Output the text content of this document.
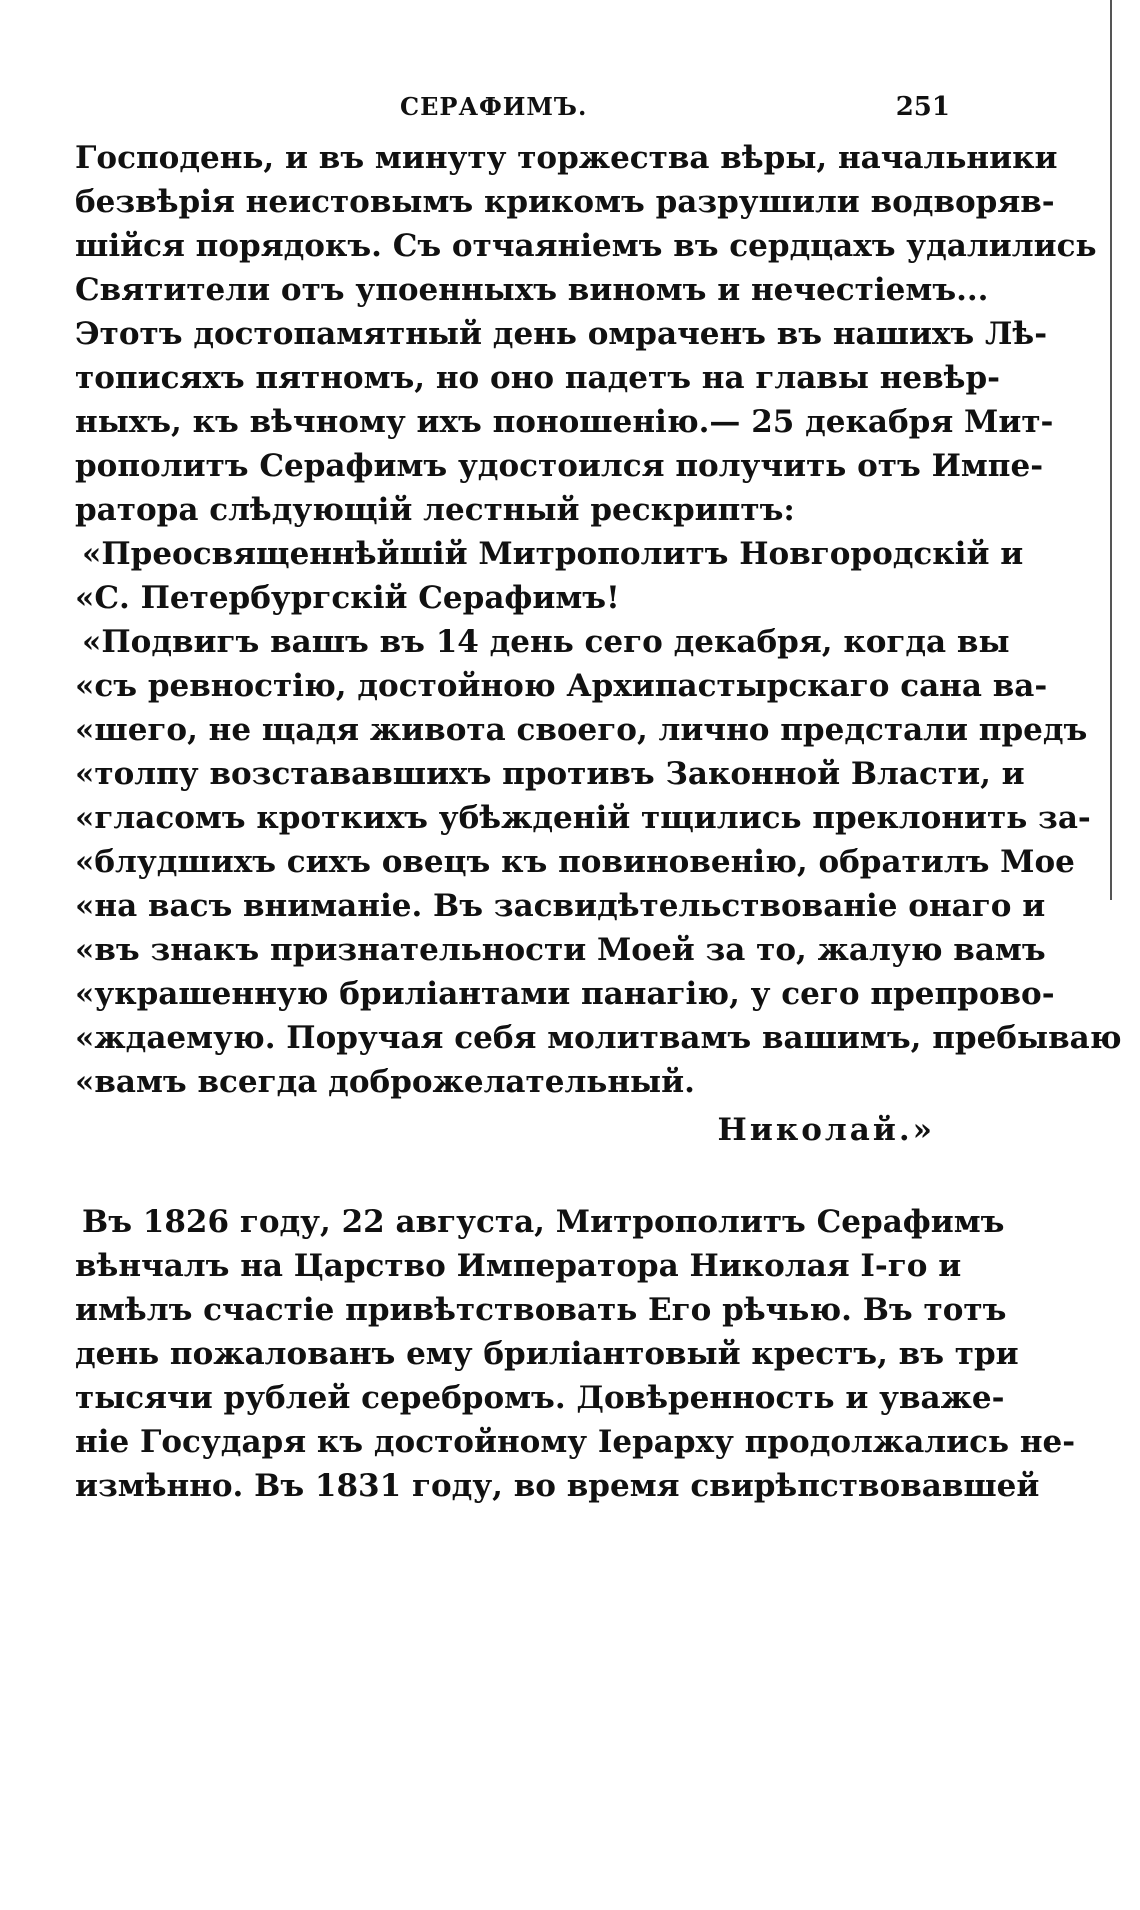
СЕРАФИМЪ.	251
Господень, и въ минуту торжества вѣры, начальники
безвѣрія неистовымъ крикомъ разрушили водворяв-
шійся порядокъ. Съ отчаяніемъ въ сердцахъ удалились
Святители отъ упоенныхъ виномъ и нечестіемъ...
Этотъ достопамятный день омраченъ въ нашихъ Лѣ-
тописяхъ пятномъ, но оно падетъ на главы невѣр-
ныхъ, къ вѣчному ихъ поношенію.— 25 декабря Мит-
рополитъ Серафимъ удостоился получить отъ Импе-
ратора слѣдующій лестный рескриптъ:
«Преосвященнѣйшій Митрополитъ Новгородскій и
«С. Петербургскій Серафимъ!
«Подвигъ вашъ въ 14 день сего декабря, когда вы
«съ ревностію, достойною Архипастырскаго сана ва-
«шего, не щадя живота своего, лично предстали предъ
«толпу возстававшихъ противъ Законной Власти, и
«гласомъ кроткихъ убѣжденій тщились преклонить за-
«блудшихъ сихъ овецъ къ повиновенію, обратилъ Мое
«на васъ вниманіе. Въ засвидѣтельствованіе онаго и
«въ знакъ признательности Моей за то, жалую вамъ
«украшенную бриліантами панагію, у сего препрово-
«ждаемую. Поручая себя молитвамъ вашимъ, пребываю
«вамъ всегда доброжелательный.
Николай.»
Въ 1826 году, 22 августа, Митрополитъ Серафимъ
вѣнчалъ на Царство Императора Николая I-го и
имѣлъ счастіе привѣтствовать Его рѣчью. Въ тотъ
день пожалованъ ему бриліантовый крестъ, въ три
тысячи рублей серебромъ. Довѣренность и уваже-
ніе Государя къ достойному Іерарху продолжались не-
измѣнно. Въ 1831 году, во время свирѣпствовавшей
